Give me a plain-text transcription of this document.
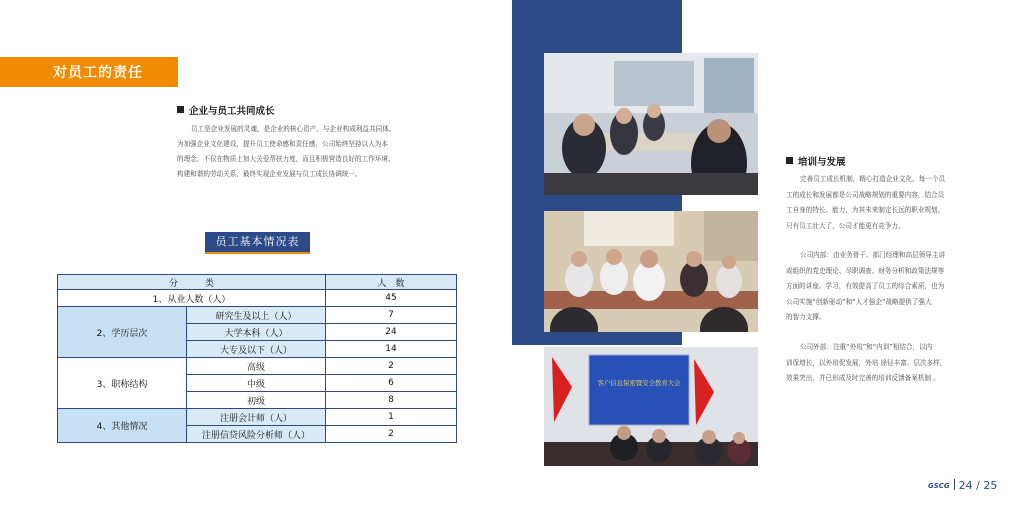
对员工的责任
企业与员工共同成长
员工是企业发展的灵魂，是企业的核心资产。与企业构成利益共同体。
为加强企业文化建设，提升员工使命感和责任感，公司始终坚持以人为本
的理念，不仅在物质上加大关爱帮扶力度，而且积极营造良好的工作环境、
构建和谐的劳动关系，最终实现企业发展与员工成长协调统一。
员工基本情况表
分　　　类		人　数
1、从业人数（人）		45
2、学历层次	研究生及以上（人）	7
	大学本科（人）	24
	大专及以下（人）	14
3、职称结构	高级	2
	中级	6
	初级	8
4、其他情况	注册会计师（人）	1
	注册信贷风险分析师（人）	2
客户信息保密暨安全教育大会
培训与发展
完善员工成长机制，精心打造企业文化。每一个员
工的成长和发展都是公司战略规划的重要内容，结合员
工自身的特长、能力，为其未来制定长远的职业规划。
只有员工壮大了，公司才能更有竞争力。
公司内部：由业务骨干、部门经理和高层领导主讲
或组织的党史理论、尽职调查、财务分析和政策法规等
方面的讲座、学习，有效提高了员工的综合素质，也为
公司实施“创新驱动”和“人才强企”战略提供了强大
的智力支撑。
公司外部：注重“外培”和“内训”相结合，以内
训保增长，以外培促发展，外培 途径丰富、层次多样，
效果突出，并已形成及时完善的培训反馈备案机制 。
GSCG 24 / 25
